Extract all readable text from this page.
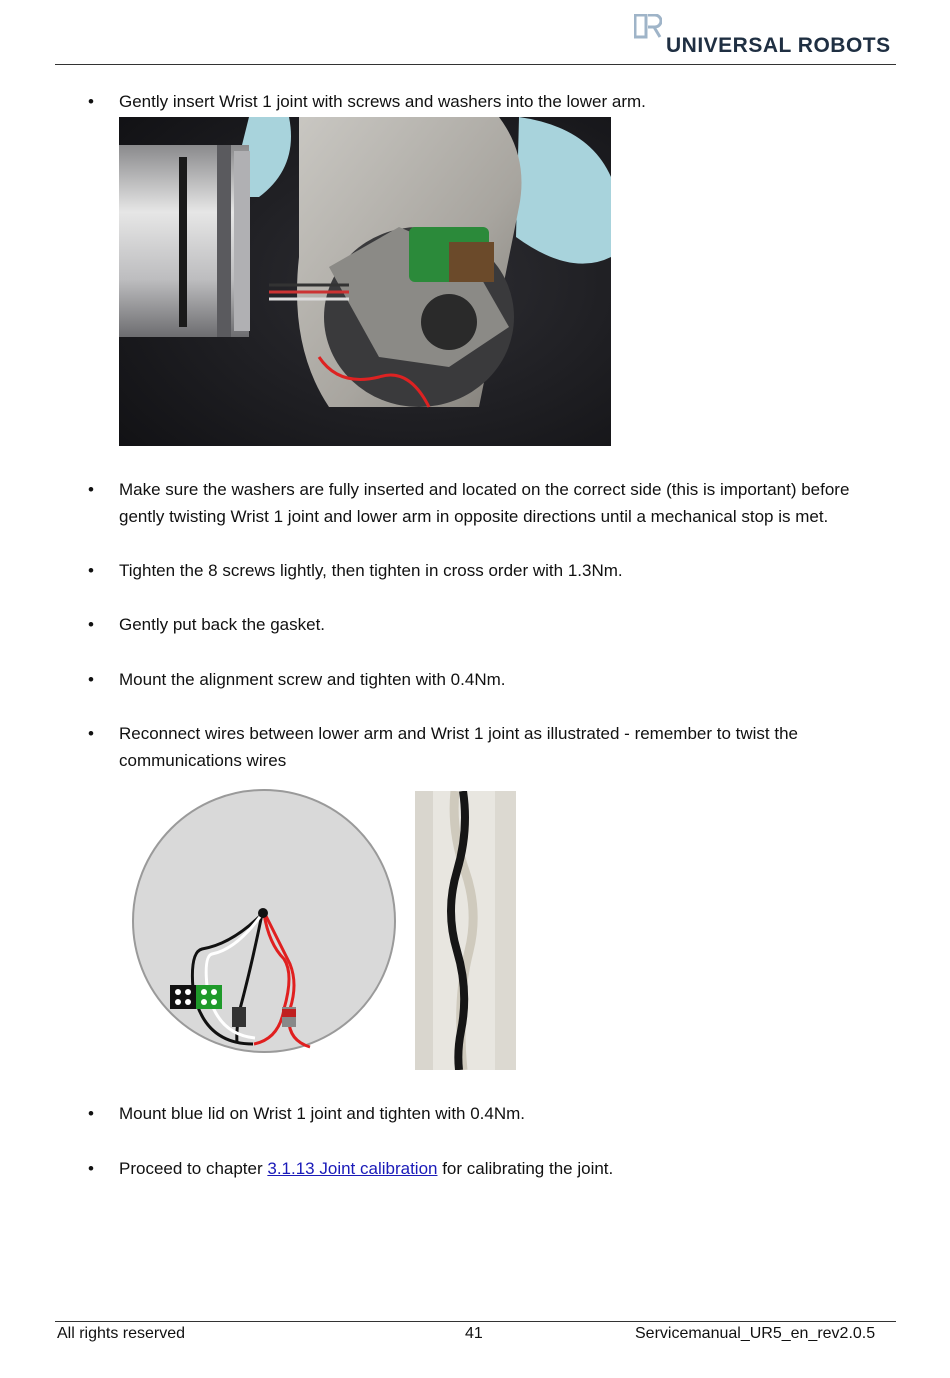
UNIVERSAL ROBOTS
•	Gently insert Wrist 1 joint with screws and washers into the lower arm.
•	Make sure the washers are fully inserted and located on the correct side (this is important) before gently twisting Wrist 1 joint and lower arm in opposite directions until a mechanical stop is met.
•	Tighten the 8 screws lightly, then tighten in cross order with 1.3Nm.
•	Gently put back the gasket.
•	Mount the alignment screw and tighten with 0.4Nm.
•	Reconnect wires between lower arm and Wrist 1 joint as illustrated - remember to twist the communications wires
•	Mount blue lid on Wrist 1 joint and tighten with 0.4Nm.
•	Proceed to chapter 3.1.13 Joint calibration for calibrating the joint.
All rights reserved	41	Servicemanual_UR5_en_rev2.0.5
